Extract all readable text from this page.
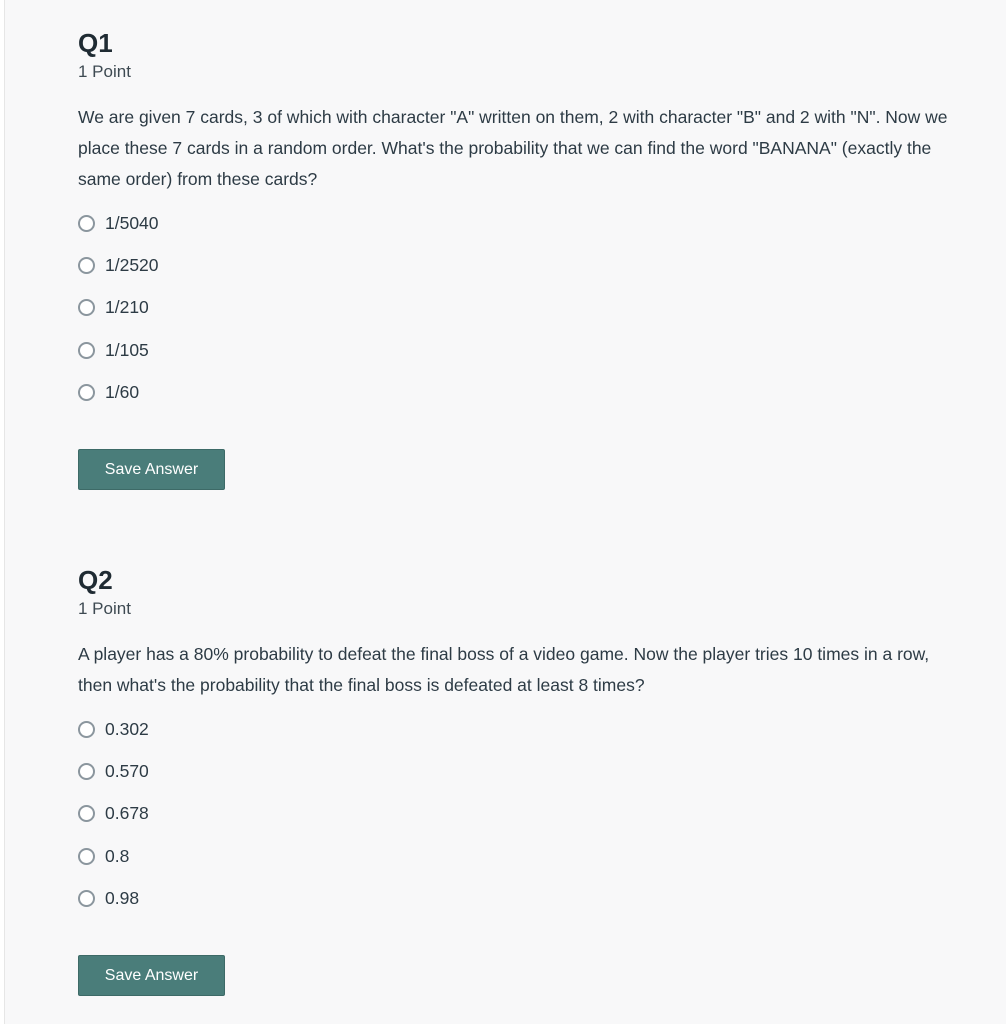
Q1
1 Point
We are given 7 cards, 3 of which with character "A" written on them, 2 with character "B" and 2 with "N". Now we place these 7 cards in a random order. What's the probability that we can find the word "BANANA" (exactly the same order) from these cards?
1/5040
1/2520
1/210
1/105
1/60
Save Answer
Q2
1 Point
A player has a 80% probability to defeat the final boss of a video game. Now the player tries 10 times in a row, then what's the probability that the final boss is defeated at least 8 times?
0.302
0.570
0.678
0.8
0.98
Save Answer
